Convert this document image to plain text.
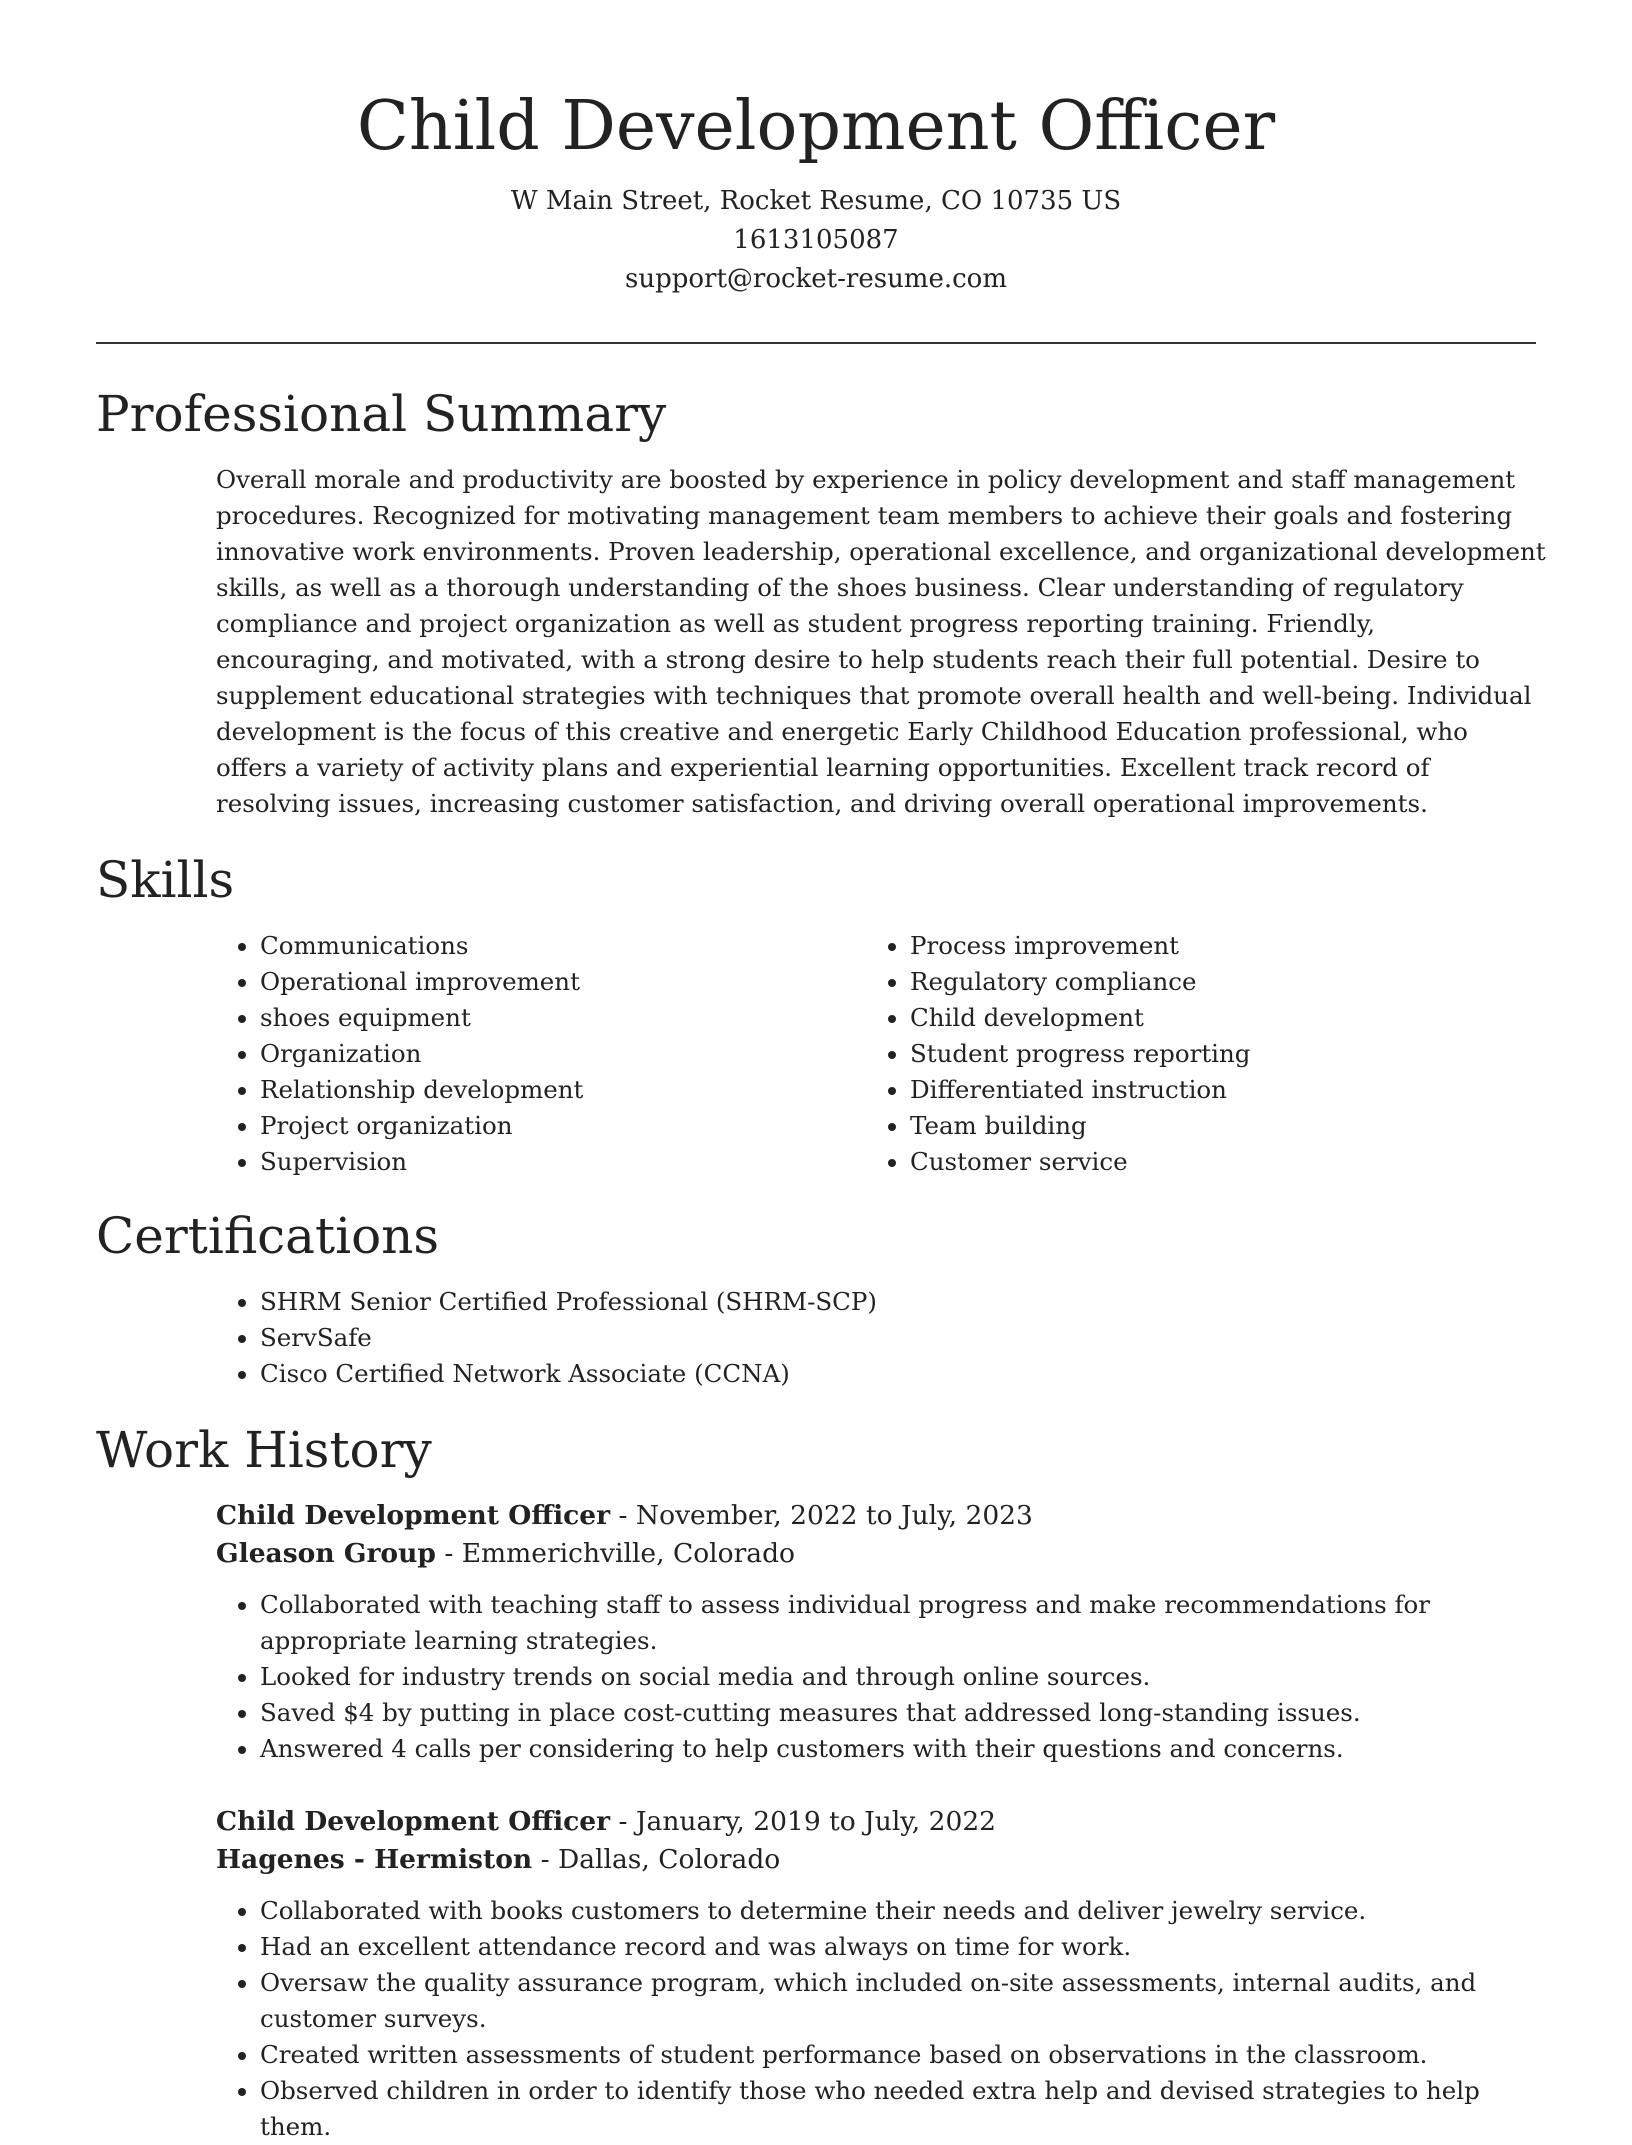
Child Development Officer
W Main Street, Rocket Resume, CO 10735 US
1613105087
support@rocket-resume.com
Professional Summary
Overall morale and productivity are boosted by experience in policy development and staff management procedures. Recognized for motivating management team members to achieve their goals and fostering innovative work environments. Proven leadership, operational excellence, and organizational development skills, as well as a thorough understanding of the shoes business. Clear understanding of regulatory compliance and project organization as well as student progress reporting training. Friendly, encouraging, and motivated, with a strong desire to help students reach their full potential. Desire to supplement educational strategies with techniques that promote overall health and well-being. Individual development is the focus of this creative and energetic Early Childhood Education professional, who offers a variety of activity plans and experiential learning opportunities. Excellent track record of resolving issues, increasing customer satisfaction, and driving overall operational improvements.
Skills
• Communications
• Operational improvement
• shoes equipment
• Organization
• Relationship development
• Project organization
• Supervision
• Process improvement
• Regulatory compliance
• Child development
• Student progress reporting
• Differentiated instruction
• Team building
• Customer service
Certifications
• SHRM Senior Certified Professional (SHRM-SCP)
• ServSafe
• Cisco Certified Network Associate (CCNA)
Work History
Child Development Officer - November, 2022 to July, 2023
Gleason Group - Emmerichville, Colorado
• Collaborated with teaching staff to assess individual progress and make recommendations for appropriate learning strategies.
• Looked for industry trends on social media and through online sources.
• Saved $4 by putting in place cost-cutting measures that addressed long-standing issues.
• Answered 4 calls per considering to help customers with their questions and concerns.
Child Development Officer - January, 2019 to July, 2022
Hagenes - Hermiston - Dallas, Colorado
• Collaborated with books customers to determine their needs and deliver jewelry service.
• Had an excellent attendance record and was always on time for work.
• Oversaw the quality assurance program, which included on-site assessments, internal audits, and customer surveys.
• Created written assessments of student performance based on observations in the classroom.
• Observed children in order to identify those who needed extra help and devised strategies to help them.
